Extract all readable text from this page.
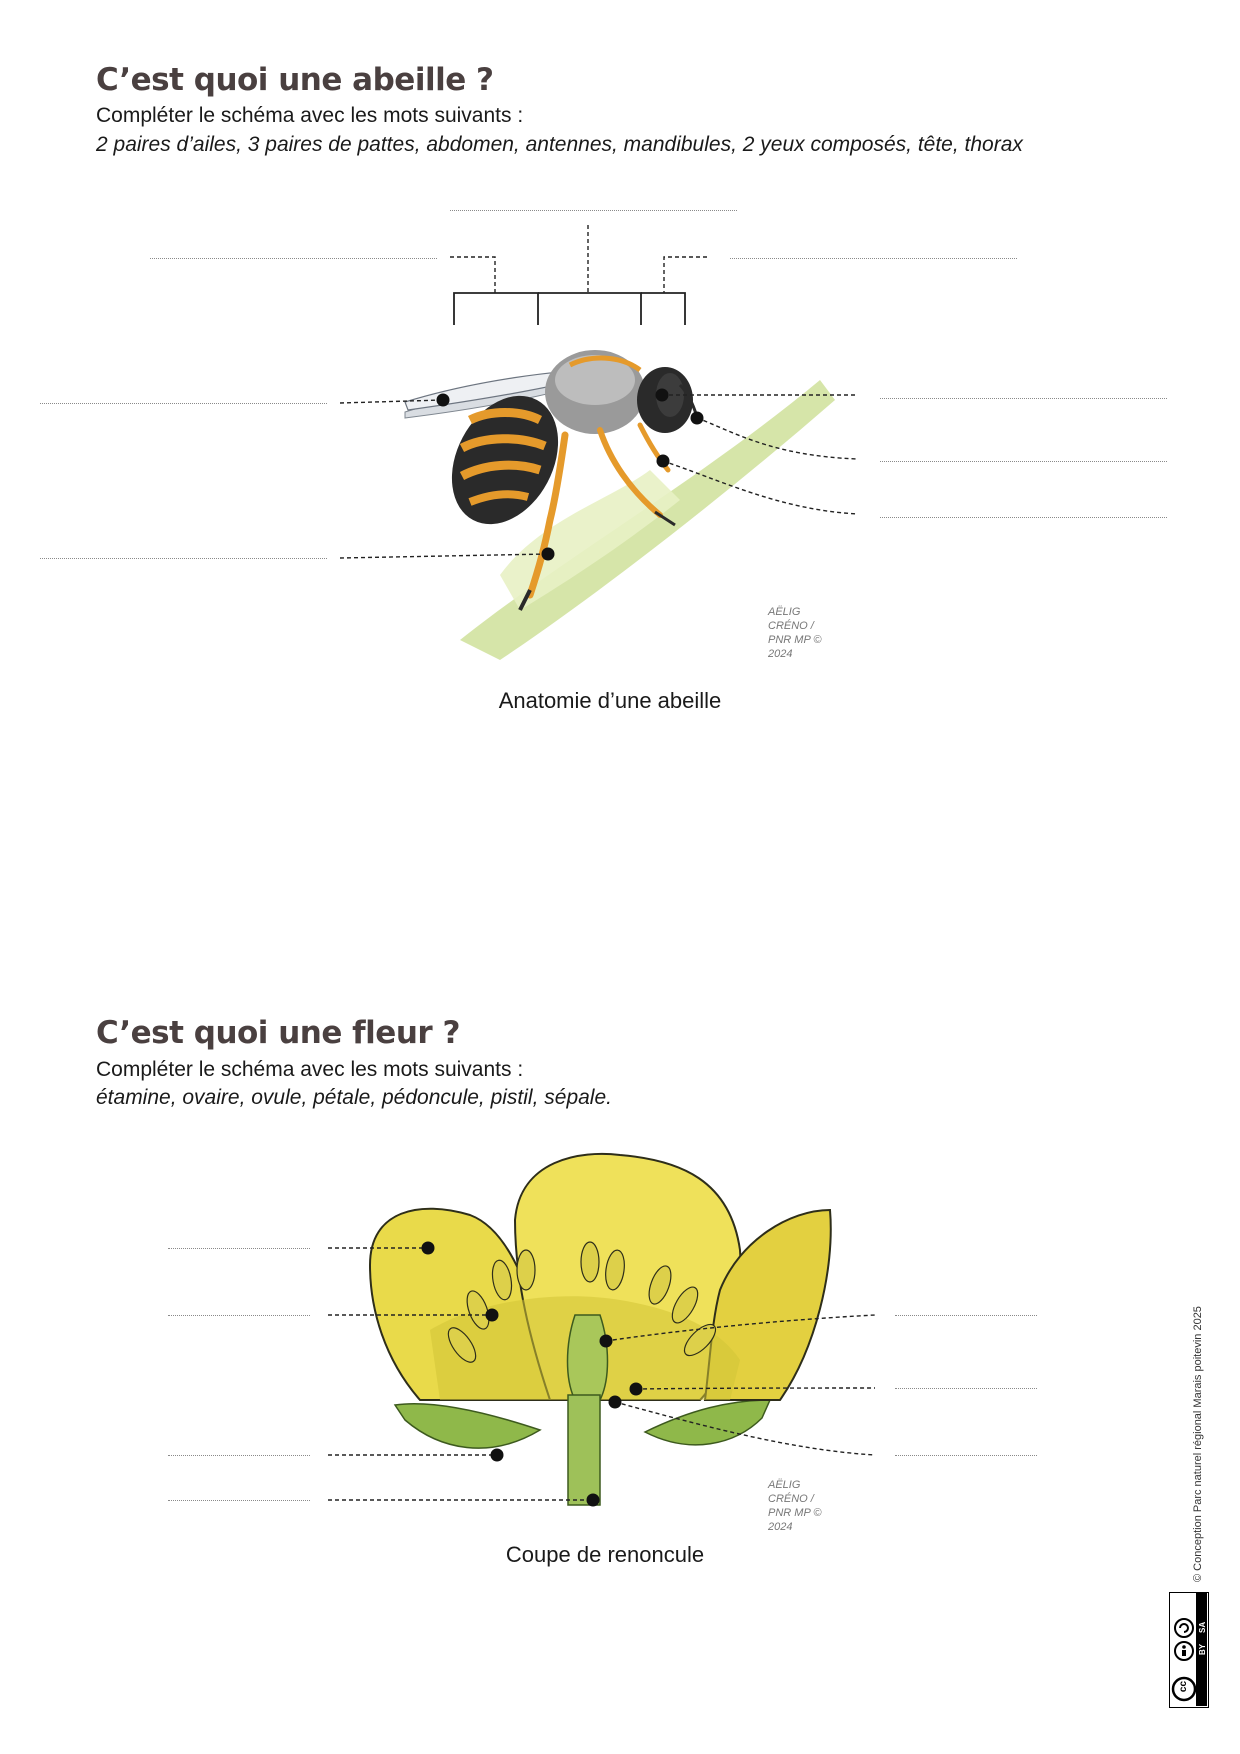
C’est quoi une abeille ?
Compléter le schéma avec les mots suivants :
2 paires d’ailes, 3 paires de pattes, abdomen, antennes, mandibules, 2 yeux composés, tête, thorax
AËLIG CRÉNO / PNR MP © 2024
AËLIG CRÉNO / PNR MP © 2024
Anatomie d’une abeille
C’est quoi une fleur ?
Compléter le schéma avec les mots suivants :
étamine, ovaire, ovule, pétale, pédoncule, pistil, sépale.
Coupe de renoncule	© Conception Parc naturel régional Marais poitevin 2025
cc
BY
SA
